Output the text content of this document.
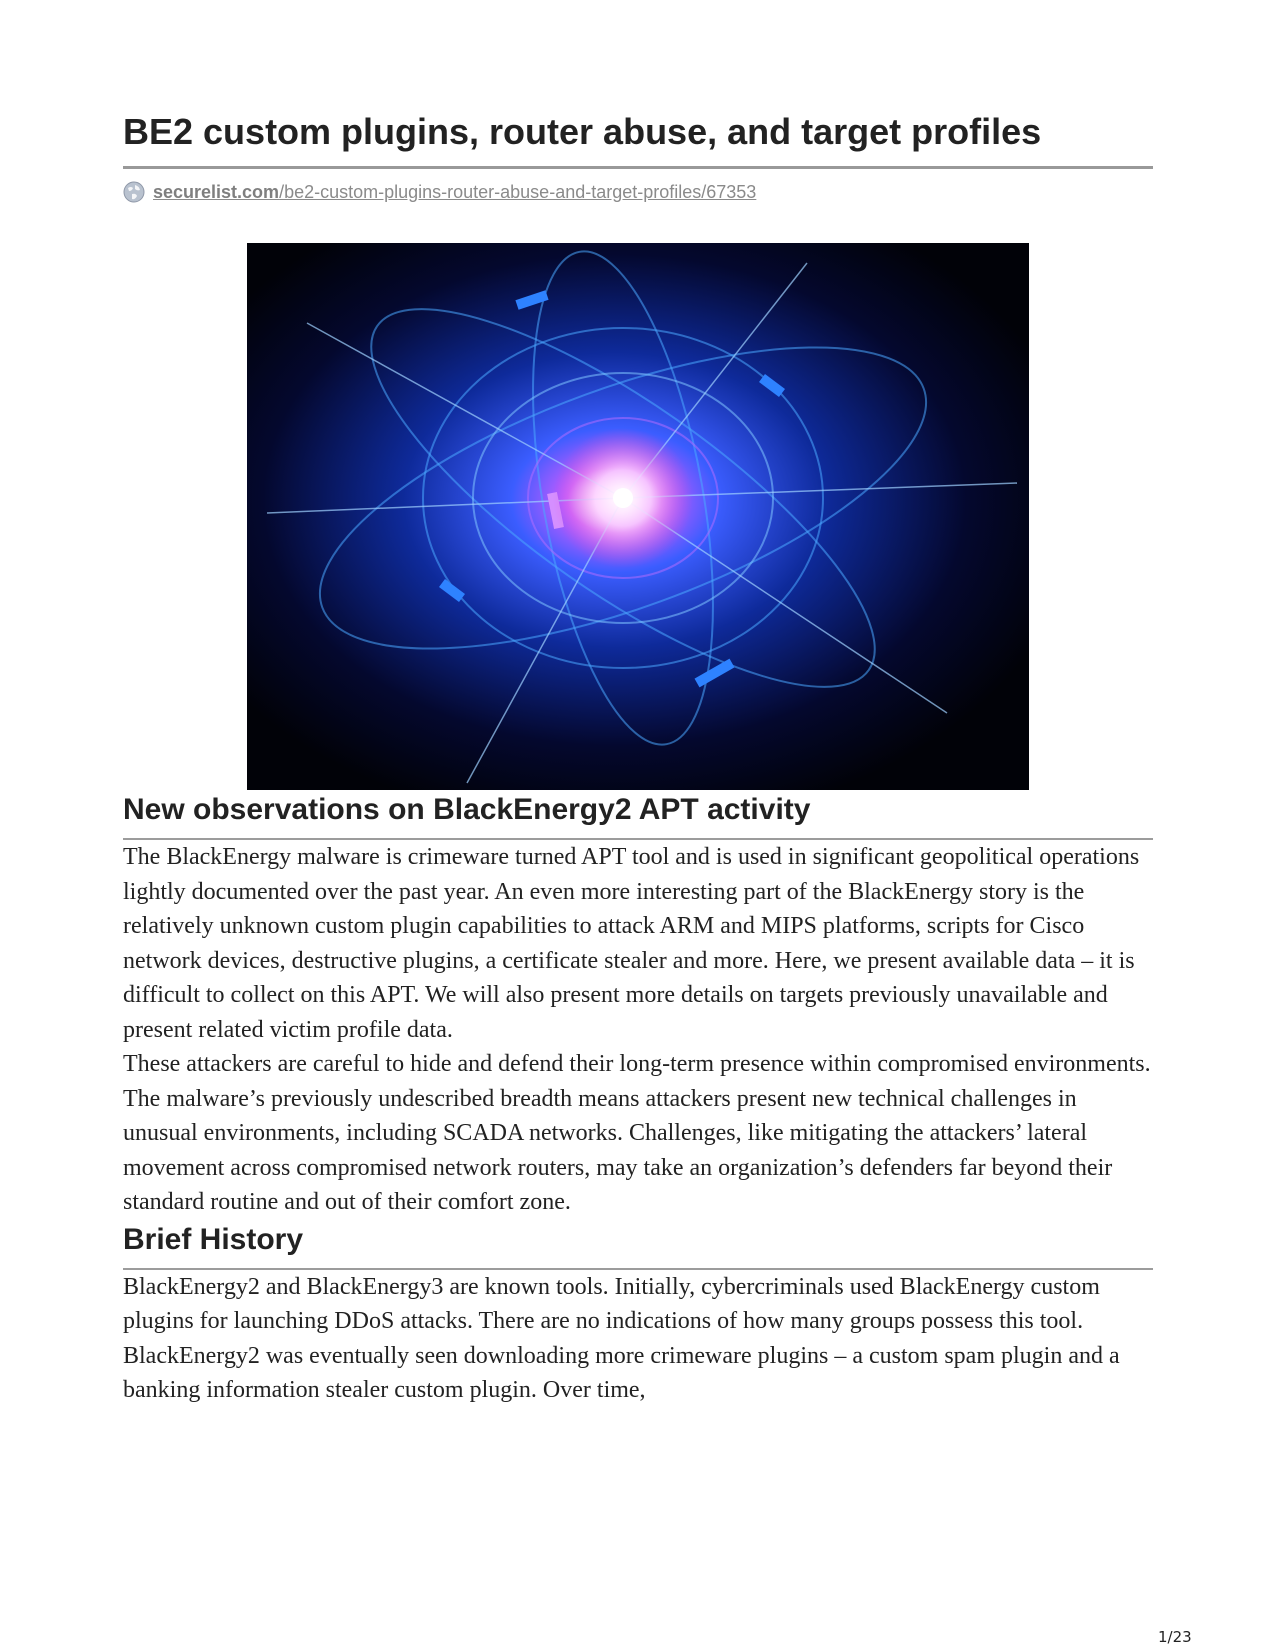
BE2 custom plugins, router abuse, and target profiles
securelist.com/be2-custom-plugins-router-abuse-and-target-profiles/67353
New observations on BlackEnergy2 APT activity

The BlackEnergy malware is crimeware turned APT tool and is used in significant geopolitical operations lightly documented over the past year. An even more interesting part of the BlackEnergy story is the relatively unknown custom plugin capabilities to attack ARM and MIPS platforms, scripts for Cisco network devices, destructive plugins, a certificate stealer and more. Here, we present available data – it is difficult to collect on this APT. We will also present more details on targets previously unavailable and present related victim profile data.

These attackers are careful to hide and defend their long-term presence within compromised environments. The malware’s previously undescribed breadth means attackers present new technical challenges in unusual environments, including SCADA networks. Challenges, like mitigating the attackers’ lateral movement across compromised network routers, may take an organization’s defenders far beyond their standard routine and out of their comfort zone.

Brief History

BlackEnergy2 and BlackEnergy3 are known tools. Initially, cybercriminals used BlackEnergy custom plugins for launching DDoS attacks. There are no indications of how many groups possess this tool. BlackEnergy2 was eventually seen downloading more crimeware plugins – a custom spam plugin and a banking information stealer custom plugin. Over time,

1/23
